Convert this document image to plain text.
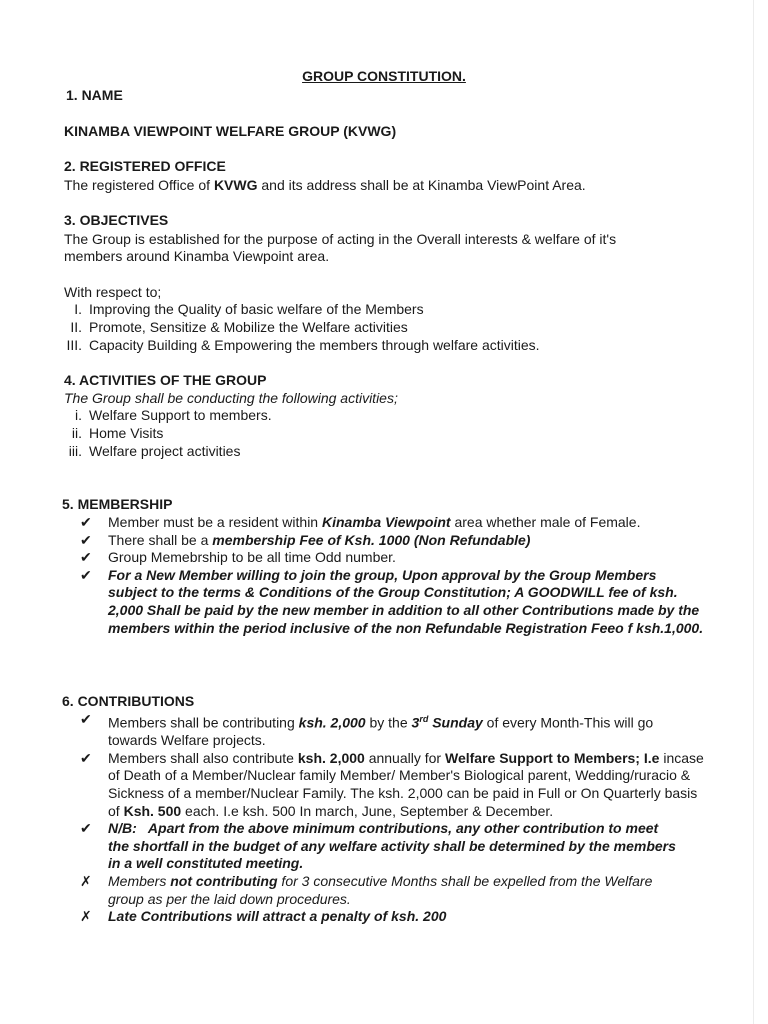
GROUP CONSTITUTION.
1. NAME
KINAMBA VIEWPOINT WELFARE GROUP (KVWG)
2. REGISTERED OFFICE
The registered Office of KVWG and its address shall be at Kinamba ViewPoint Area.
3. OBJECTIVES
The Group is established for the purpose of acting in the Overall interests & welfare of it's
members around Kinamba Viewpoint area.
With respect to;
I. Improving the Quality of basic welfare of the Members
II. Promote, Sensitize & Mobilize the Welfare activities
III. Capacity Building & Empowering the members through welfare activities.
4. ACTIVITIES OF THE GROUP
The Group shall be conducting the following activities;
i. Welfare Support to members.
ii. Home Visits
iii. Welfare project activities
5. MEMBERSHIP
✔ Member must be a resident within Kinamba Viewpoint area whether male of Female.
✔ There shall be a membership Fee of Ksh. 1000 (Non Refundable)
✔ Group Memebrship to be all time Odd number.
✔ For a New Member willing to join the group, Upon approval by the Group Members subject to the terms & Conditions of the Group Constitution; A GOODWILL fee of ksh. 2,000 Shall be paid by the new member in addition to all other Contributions made by the members within the period inclusive of the non Refundable Registration Feeo f ksh.1,000.
6. CONTRIBUTIONS
✔ Members shall be contributing ksh. 2,000 by the 3rd Sunday of every Month-This will go towards Welfare projects.
✔ Members shall also contribute ksh. 2,000 annually for Welfare Support to Members; I.e incase of Death of a Member/Nuclear family Member/ Member's Biological parent, Wedding/ruracio & Sickness of a member/Nuclear Family. The ksh. 2,000 can be paid in Full or On Quarterly basis of Ksh. 500 each. I.e ksh. 500 In march, June, September & December.
✔ N/B:   Apart from the above minimum contributions, any other contribution to meet the shortfall in the budget of any welfare activity shall be determined by the members in a well constituted meeting.
✗ Members not contributing for 3 consecutive Months shall be expelled from the Welfare group as per the laid down procedures.
✗ Late Contributions will attract a penalty of ksh. 200
